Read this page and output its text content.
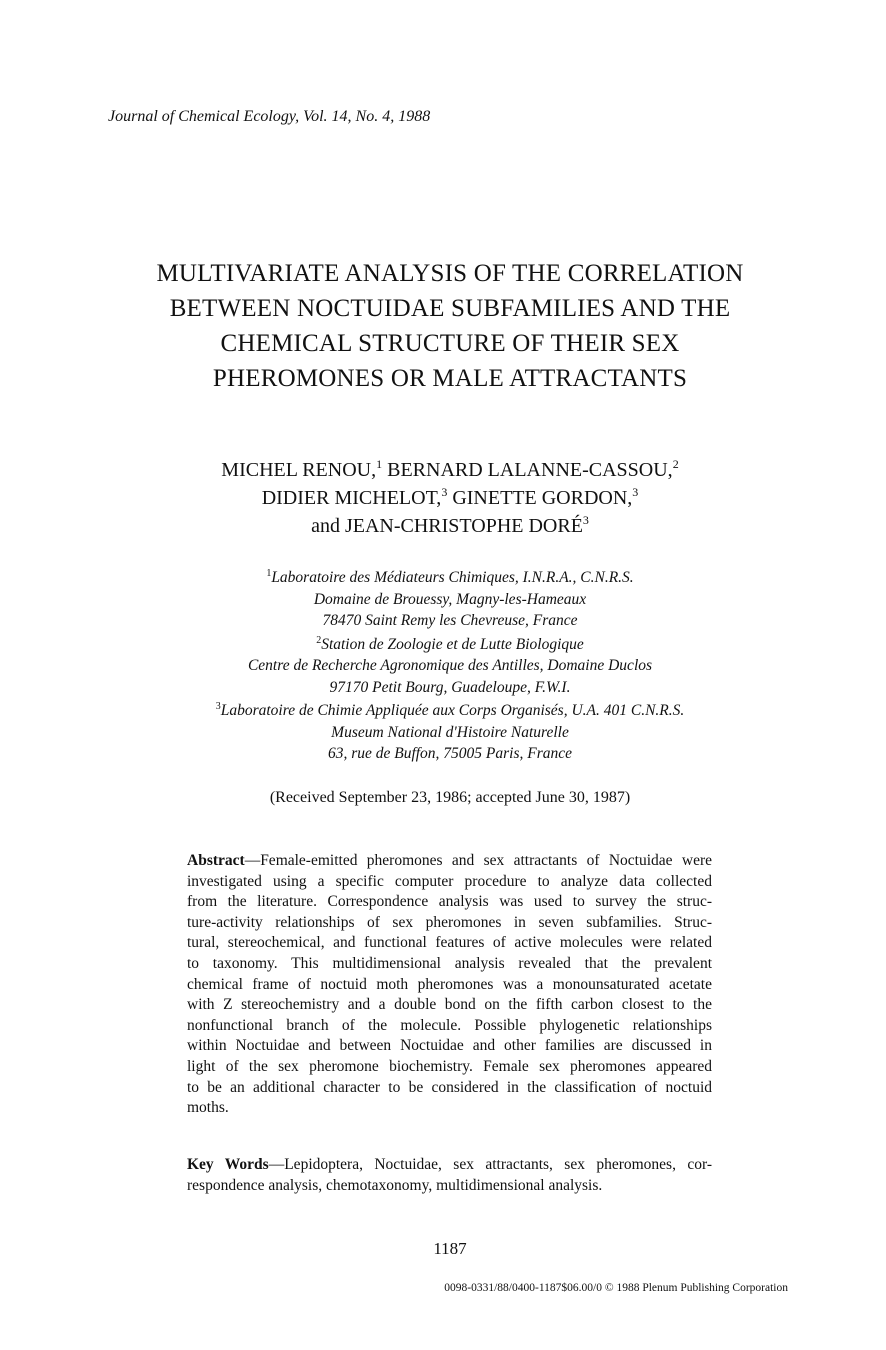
Journal of Chemical Ecology, Vol. 14, No. 4, 1988
MULTIVARIATE ANALYSIS OF THE CORRELATION
BETWEEN NOCTUIDAE SUBFAMILIES AND THE
CHEMICAL STRUCTURE OF THEIR SEX
PHEROMONES OR MALE ATTRACTANTS
MICHEL RENOU,$^1$ BERNARD LALANNE-CASSOU,$^2$
DIDIER MICHELOT,$^3$ GINETTE GORDON,$^3$
and JEAN-CHRISTOPHE DORÉ$^3$
$^1$Laboratoire des Médiateurs Chimiques, I.N.R.A., C.N.R.S.
Domaine de Brouessy, Magny-les-Hameaux
78470 Saint Remy les Chevreuse, France
$^2$Station de Zoologie et de Lutte Biologique
Centre de Recherche Agronomique des Antilles, Domaine Duclos
97170 Petit Bourg, Guadeloupe, F.W.I.
$^3$Laboratoire de Chimie Appliquée aux Corps Organisés, U.A. 401 C.N.R.S.
Museum National d'Histoire Naturelle
63, rue de Buffon, 75005 Paris, France
(Received September 23, 1986; accepted June 30, 1987)
Abstract—Female-emitted pheromones and sex attractants of Noctuidae were
investigated using a specific computer procedure to analyze data collected
from the literature. Correspondence analysis was used to survey the struc-
ture-activity relationships of sex pheromones in seven subfamilies. Struc-
tural, stereochemical, and functional features of active molecules were related
to taxonomy. This multidimensional analysis revealed that the prevalent
chemical frame of noctuid moth pheromones was a monounsaturated acetate
with Z stereochemistry and a double bond on the fifth carbon closest to the
nonfunctional branch of the molecule. Possible phylogenetic relationships
within Noctuidae and between Noctuidae and other families are discussed in
light of the sex pheromone biochemistry. Female sex pheromones appeared
to be an additional character to be considered in the classification of noctuid
moths.
Key Words—Lepidoptera, Noctuidae, sex attractants, sex pheromones, cor-
respondence analysis, chemotaxonomy, multidimensional analysis.
1187
0098-0331/88/0400-1187$06.00/0 © 1988 Plenum Publishing Corporation
